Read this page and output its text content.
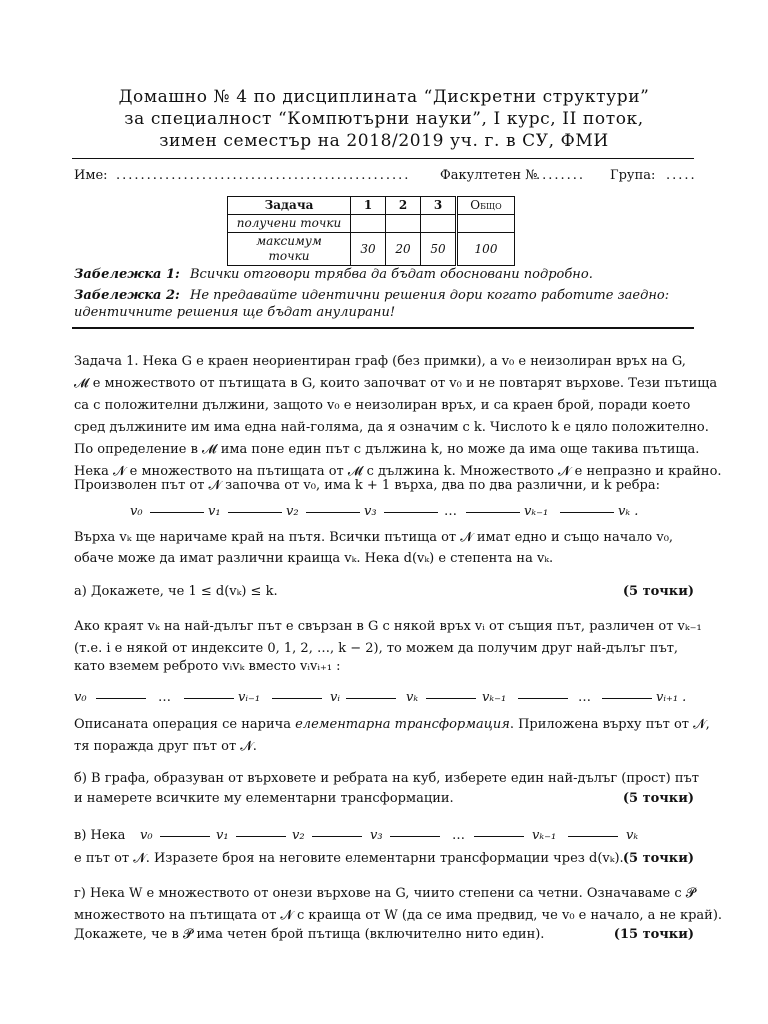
Домашно № 4 по дисциплината “Дискретни структури”
за специалност “Компютърни науки”, I курс, II поток,
зимен семестър на 2018/2019 уч. г. в СУ, ФМИ
Име: ................................................ Факултетен №
........ Група: .....
Задача	1	2	3	Общо
получени точки				
максимум точки	30	20	50	100
Забележка 1: Всички отговори трябва да бъдат обосновани подробно.
Забележка 2: Не предавайте идентични решения дори когато работите заедно:
идентичните решения ще бъдат анулирани!
Задача 1. Нека G е краен неориентиран граф (без примки), а v₀ е неизолиран връх на G,
𝓜 е множеството от пътищата в G, които започват от v₀ и не повтарят върхове. Тези пътища
са с положителни дължини, защото v₀ е неизолиран връх, и са краен брой, поради което
сред дължините им има една най-голяма, да я означим с k. Числото k е цяло положително.
По определение в 𝓜 има поне един път с дължина k, но може да има още такива пътища.
Нека 𝓝 е множеството на пътищата от 𝓜 с дължина k. Множеството 𝓝 е непразно и крайно.
Произволен път от 𝓝 започва от v₀, има k + 1 върха, два по два различни, и k ребра:
v₀	v₁	v₂	v₃	…	vₖ₋₁	vₖ .
Върха vₖ ще наричаме край на пътя. Всички пътища от 𝓝 имат едно и също начало v₀,
обаче може да имат различни краища vₖ. Нека d(vₖ) е степента на vₖ.
а) Докажете, че 1 ≤ d(vₖ) ≤ k.	(5 точки)
Ако краят vₖ на най-дълъг път е свързан в G с някой връх vᵢ от същия път, различен от vₖ₋₁
(т.е. i е някой от индексите 0, 1, 2, …, k − 2), то можем да получим друг най-дълъг път,
като вземем реброто vᵢvₖ вместо vᵢvᵢ₊₁ :
v₀	…	vᵢ₋₁	vᵢ	vₖ	vₖ₋₁	…	vᵢ₊₁ .
Описаната операция се нарича елементарна трансформация. Приложена върху път от 𝓝,
тя поражда друг път от 𝓝.
б) В графа, образуван от върховете и ребрата на куб, изберете един най-дълъг (прост) път
и намерете всичките му елементарни трансформации.	(5 точки)
в) Нека v₀	v₁	v₂	v₃	…	vₖ₋₁	vₖ
е път от 𝓝. Изразете броя на неговите елементарни трансформации чрез d(vₖ). (5 точки)
г) Нека W е множеството от онези върхове на G, чиито степени са четни. Означаваме с 𝓟
множеството на пътищата от 𝓝 с краища от W (да се има предвид, че v₀ е начало, а не край).
Докажете, че в 𝓟 има четен брой пътища (включително нито един).	(15 точки)
